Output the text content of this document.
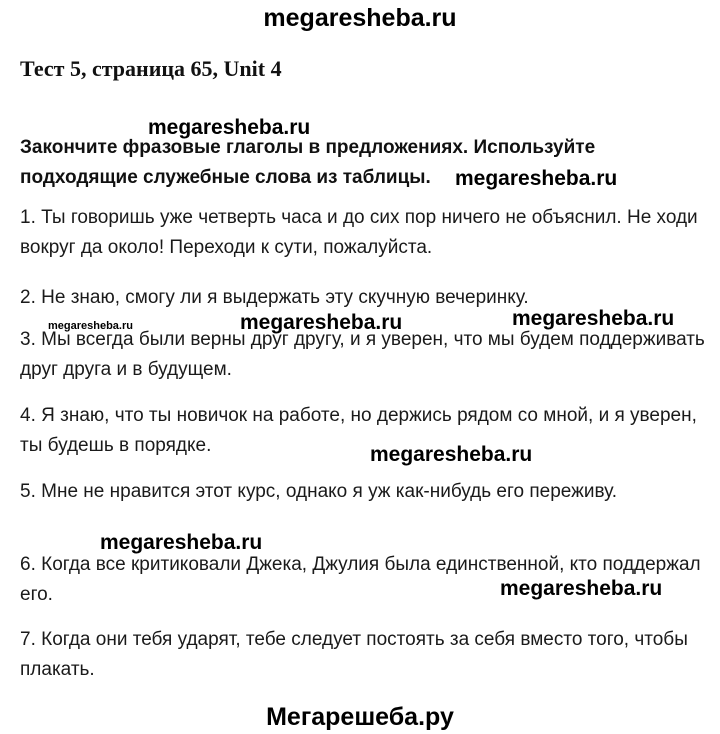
megaresheba.ru
Тест 5, страница 65, Unit 4
Закончите фразовые глаголы в предложениях. Используйте подходящие служебные слова из таблицы.
1. Ты говоришь уже четверть часа и до сих пор ничего не объяснил. Не ходи вокруг да около! Переходи к сути, пожалуйста.
2. Не знаю, смогу ли я выдержать эту скучную вечеринку.
3. Мы всегда были верны друг другу, и я уверен, что мы будем поддерживать друг друга и в будущем.
4. Я знаю, что ты новичок на работе, но держись рядом со мной, и я уверен, ты будешь в порядке.
5. Мне не нравится этот курс, однако я уж как-нибудь его переживу.
6. Когда все критиковали Джека, Джулия была единственной, кто поддержал его.
7. Когда они тебя ударят, тебе следует постоять за себя вместо того, чтобы плакать.
megaresheba.ru
megaresheba.ru
megaresheba.ru	megaresheba.ru	megaresheba.ru
megaresheba.ru
megaresheba.ru
megaresheba.ru
Мегарешеба.ру
